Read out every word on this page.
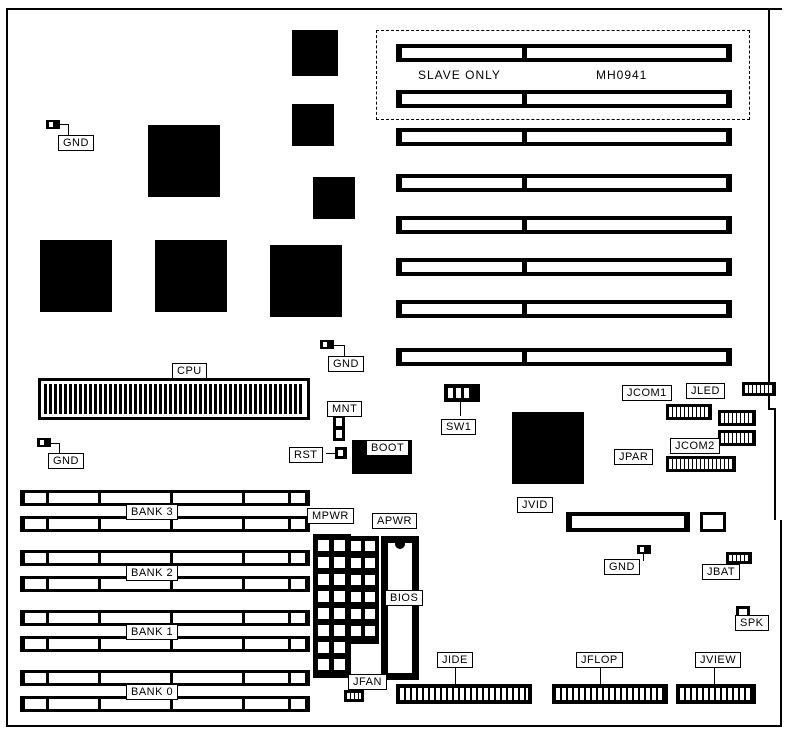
SLAVE ONLY	MH0941
GND
GND
GND
GND
CPU
MNT
RST
BOOT
SW1
JCOM1
JCOM2
JLED
JPAR
JVID
JBAT
SPK
BANK 3
BANK 2
BANK 1
BANK 0
MPWR	APWR
BIOS
JFAN
JIDE	JFLOP	JVIEW
